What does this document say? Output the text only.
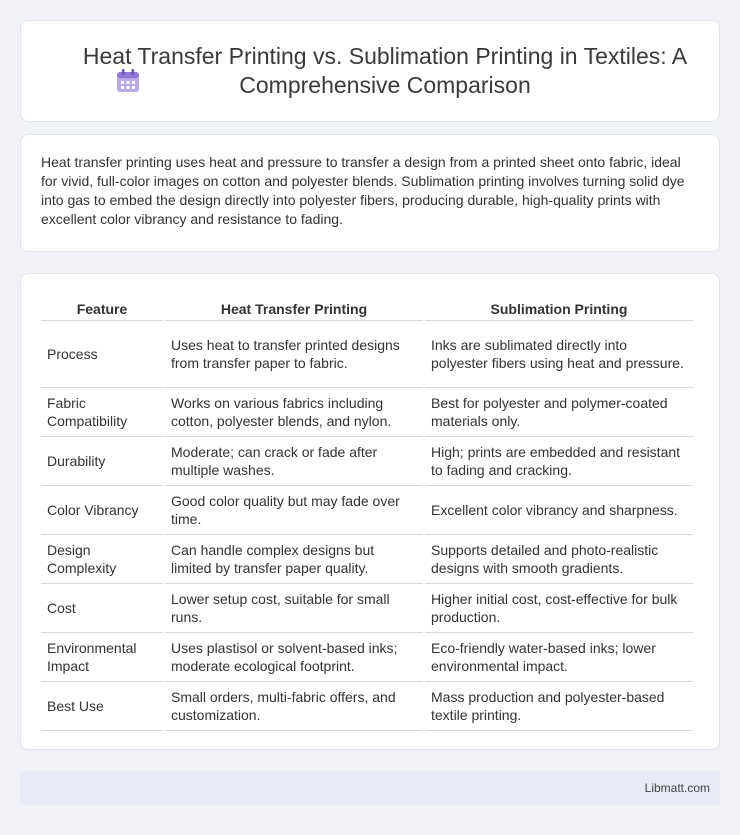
Heat Transfer Printing vs. Sublimation Printing in Textiles: A Comprehensive Comparison

Heat transfer printing uses heat and pressure to transfer a design from a printed sheet onto fabric, ideal for vivid, full-color images on cotton and polyester blends. Sublimation printing involves turning solid dye into gas to embed the design directly into polyester fibers, producing durable, high-quality prints with excellent color vibrancy and resistance to fading.

Feature	Heat Transfer Printing	Sublimation Printing
Process	Uses heat to transfer printed designs from transfer paper to fabric.	Inks are sublimated directly into polyester fibers using heat and pressure.
Fabric Compatibility	Works on various fabrics including cotton, polyester blends, and nylon.	Best for polyester and polymer-coated materials only.
Durability	Moderate; can crack or fade after multiple washes.	High; prints are embedded and resistant to fading and cracking.
Color Vibrancy	Good color quality but may fade over time.	Excellent color vibrancy and sharpness.
Design Complexity	Can handle complex designs but limited by transfer paper quality.	Supports detailed and photo-realistic designs with smooth gradients.
Cost	Lower setup cost, suitable for small runs.	Higher initial cost, cost-effective for bulk production.
Environmental Impact	Uses plastisol or solvent-based inks; moderate ecological footprint.	Eco-friendly water-based inks; lower environmental impact.
Best Use	Small orders, multi-fabric offers, and customization.	Mass production and polyester-based textile printing.
Libmatt.com
